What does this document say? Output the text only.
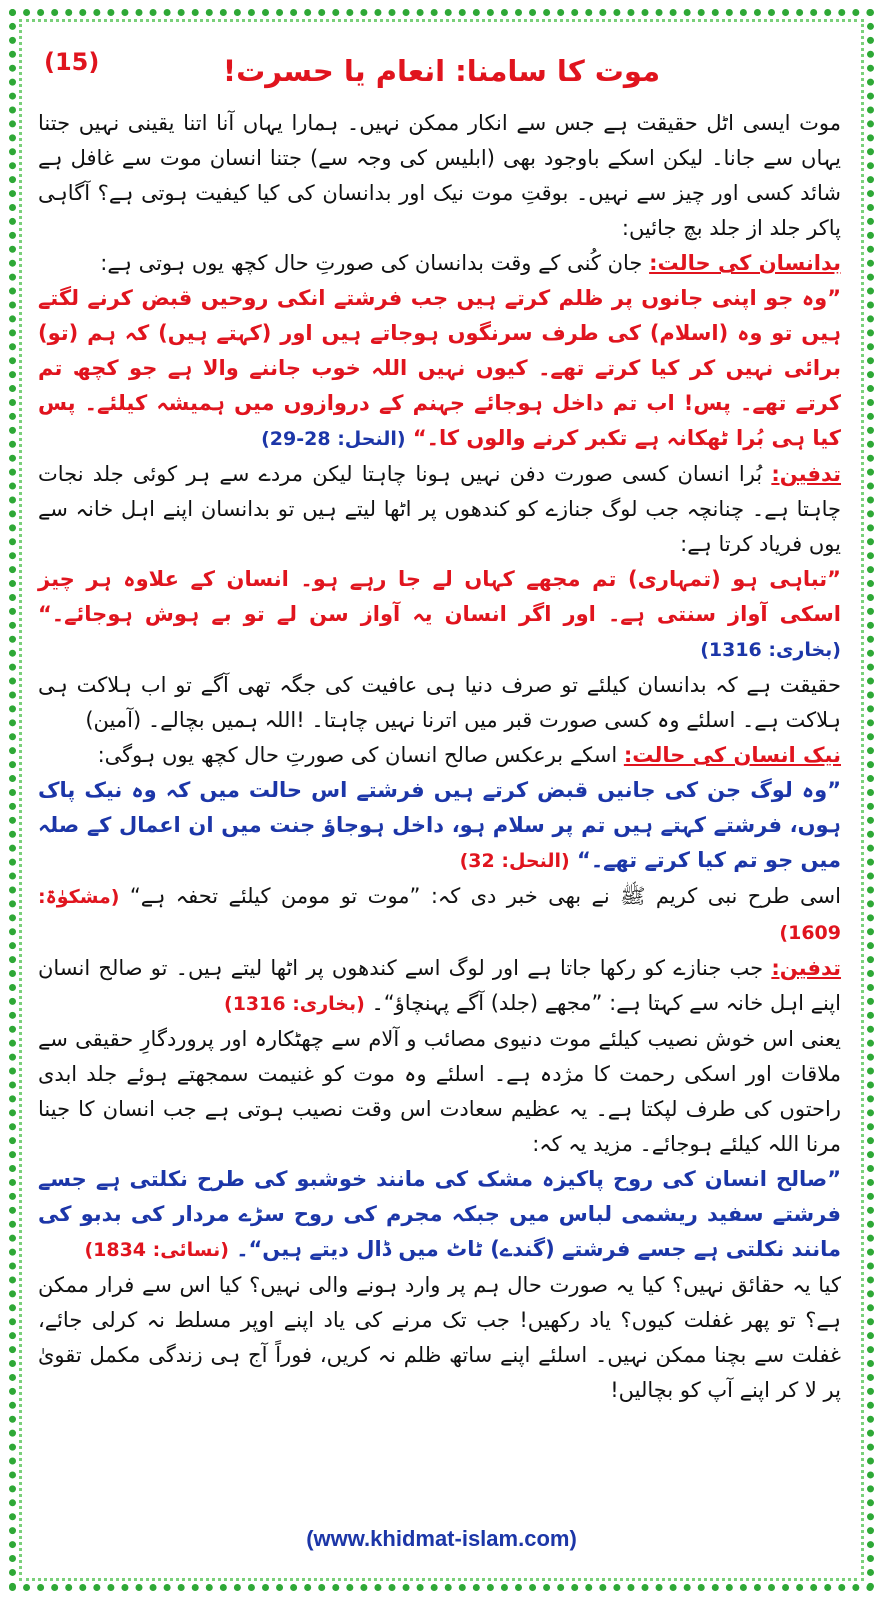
(15)	موت کا سامنا: انعام یا حسرت!

موت ایسی اٹل حقیقت ہے جس سے انکار ممکن نہیں۔ ہمارا یہاں آنا اتنا یقینی نہیں جتنا یہاں سے جانا۔ لیکن اسکے باوجود بھی (ابلیس کی وجہ سے) جتنا انسان موت سے غافل ہے شائد کسی اور چیز سے نہیں۔ بوقتِ موت نیک اور بدانسان کی کیا کیفیت ہوتی ہے؟ آگاہی پاکر جلد از جلد بچ جائیں:

بدانسان کی حالت: جان کُنی کے وقت بدانسان کی صورتِ حال کچھ یوں ہوتی ہے:

”وہ جو اپنی جانوں پر ظلم کرتے ہیں جب فرشتے انکی روحیں قبض کرنے لگتے ہیں تو وہ (اسلام) کی طرف سرنگوں ہوجاتے ہیں اور (کہتے ہیں) کہ ہم (تو) برائی نہیں کر کیا کرتے تھے۔ کیوں نہیں اللہ خوب جاننے والا ہے جو کچھ تم کرتے تھے۔ پس! اب تم داخل ہوجائے جہنم کے دروازوں میں ہمیشہ کیلئے۔ پس کیا ہی بُرا ٹھکانہ ہے تکبر کرنے والوں کا۔“ (النحل: 28-29)

تدفین: بُرا انسان کسی صورت دفن نہیں ہونا چاہتا لیکن مردے سے ہر کوئی جلد نجات چاہتا ہے۔ چنانچہ جب لوگ جنازے کو کندھوں پر اٹھا لیتے ہیں تو بدانسان اپنے اہل خانہ سے یوں فریاد کرتا ہے:

”تباہی ہو (تمہاری) تم مجھے کہاں لے جا رہے ہو۔ انسان کے علاوہ ہر چیز اسکی آواز سنتی ہے۔ اور اگر انسان یہ آواز سن لے تو بے ہوش ہوجائے۔“ (بخاری: 1316)

حقیقت ہے کہ بدانسان کیلئے تو صرف دنیا ہی عافیت کی جگہ تھی آگے تو اب ہلاکت ہی ہلاکت ہے۔ اسلئے وہ کسی صورت قبر میں اترنا نہیں چاہتا۔ !اللہ ہمیں بچالے۔ (آمین)

نیک انسان کی حالت: اسکے برعکس صالح انسان کی صورتِ حال کچھ یوں ہوگی:

”وہ لوگ جن کی جانیں قبض کرتے ہیں فرشتے اس حالت میں کہ وہ نیک پاک ہوں، فرشتے کہتے ہیں تم پر سلام ہو، داخل ہوجاؤ جنت میں ان اعمال کے صلہ میں جو تم کیا کرتے تھے۔“ (النحل: 32)

اسی طرح نبی کریم ﷺ نے بھی خبر دی کہ: ”موت تو مومن کیلئے تحفہ ہے“ (مشکوٰۃ: 1609)

تدفین: جب جنازے کو رکھا جاتا ہے اور لوگ اسے کندھوں پر اٹھا لیتے ہیں۔ تو صالح انسان اپنے اہل خانہ سے کہتا ہے: ”مجھے (جلد) آگے پہنچاؤ“۔ (بخاری: 1316)

یعنی اس خوش نصیب کیلئے موت دنیوی مصائب و آلام سے چھٹکارہ اور پروردگارِ حقیقی سے ملاقات اور اسکی رحمت کا مژدہ ہے۔ اسلئے وہ موت کو غنیمت سمجھتے ہوئے جلد ابدی راحتوں کی طرف لپکتا ہے۔ یہ عظیم سعادت اس وقت نصیب ہوتی ہے جب انسان کا جینا مرنا اللہ کیلئے ہوجائے۔ مزید یہ کہ:

”صالح انسان کی روح پاکیزہ مشک کی مانند خوشبو کی طرح نکلتی ہے جسے فرشتے سفید ریشمی لباس میں جبکہ مجرم کی روح سڑے مردار کی بدبو کی مانند نکلتی ہے جسے فرشتے (گندے) ٹاٹ میں ڈال دیتے ہیں“۔ (نسائی: 1834)

کیا یہ حقائق نہیں؟ کیا یہ صورت حال ہم پر وارد ہونے والی نہیں؟ کیا اس سے فرار ممکن ہے؟ تو پھر غفلت کیوں؟ یاد رکھیں! جب تک مرنے کی یاد اپنے اوپر مسلط نہ کرلی جائے، غفلت سے بچنا ممکن نہیں۔ اسلئے اپنے ساتھ ظلم نہ کریں، فوراً آج ہی زندگی مکمل تقویٰ پر لا کر اپنے آپ کو بچالیں!

(www.khidmat-islam.com)
